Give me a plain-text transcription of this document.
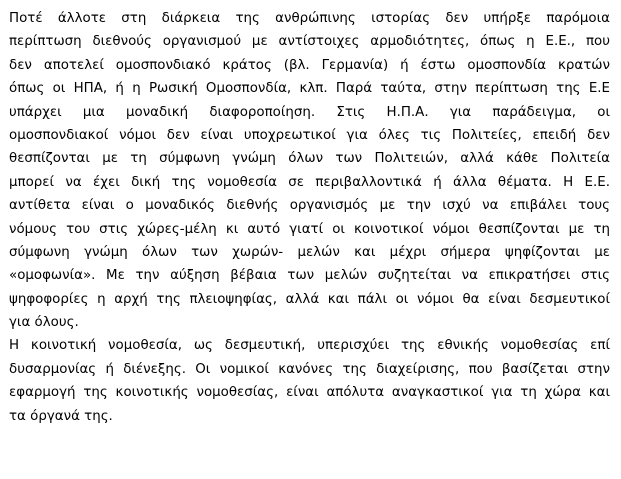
Ποτέ άλλοτε στη διάρκεια της ανθρώπινης ιστορίας δεν υπήρξε παρόμοια
περίπτωση διεθνούς οργανισμού με αντίστοιχες αρμοδιότητες, όπως η Ε.Ε., που
δεν αποτελεί ομοσπονδιακό κράτος (βλ. Γερμανία) ή έστω ομοσπονδία κρατών
όπως οι ΗΠΑ, ή η Ρωσική Ομοσπονδία, κλπ. Παρά ταύτα, στην περίπτωση της Ε.Ε
υπάρχει μια μοναδική διαφοροποίηση. Στις Η.Π.Α. για παράδειγμα, οι
ομοσπονδιακοί νόμοι δεν είναι υποχρεωτικοί για όλες τις Πολιτείες, επειδή δεν
θεσπίζονται με τη σύμφωνη γνώμη όλων των Πολιτειών, αλλά κάθε Πολιτεία
μπορεί να έχει δική της νομοθεσία σε περιβαλλοντικά ή άλλα θέματα. Η Ε.Ε.
αντίθετα είναι ο μοναδικός διεθνής οργανισμός με την ισχύ να επιβάλει τους
νόμους του στις χώρες-μέλη κι αυτό γιατί οι κοινοτικοί νόμοι θεσπίζονται με τη
σύμφωνη γνώμη όλων των χωρών- μελών και μέχρι σήμερα ψηφίζονται με
«ομοφωνία». Με την αύξηση βέβαια των μελών συζητείται να επικρατήσει στις
ψηφοφορίες η αρχή της πλειοψηφίας, αλλά και πάλι οι νόμοι θα είναι δεσμευτικοί
για όλους.
Η κοινοτική νομοθεσία, ως δεσμευτική, υπερισχύει της εθνικής νομοθεσίας επί
δυσαρμονίας ή διένεξης. Οι νομικοί κανόνες της διαχείρισης, που βασίζεται στην
εφαρμογή της κοινοτικής νομοθεσίας, είναι απόλυτα αναγκαστικοί για τη χώρα και
τα όργανά της.
